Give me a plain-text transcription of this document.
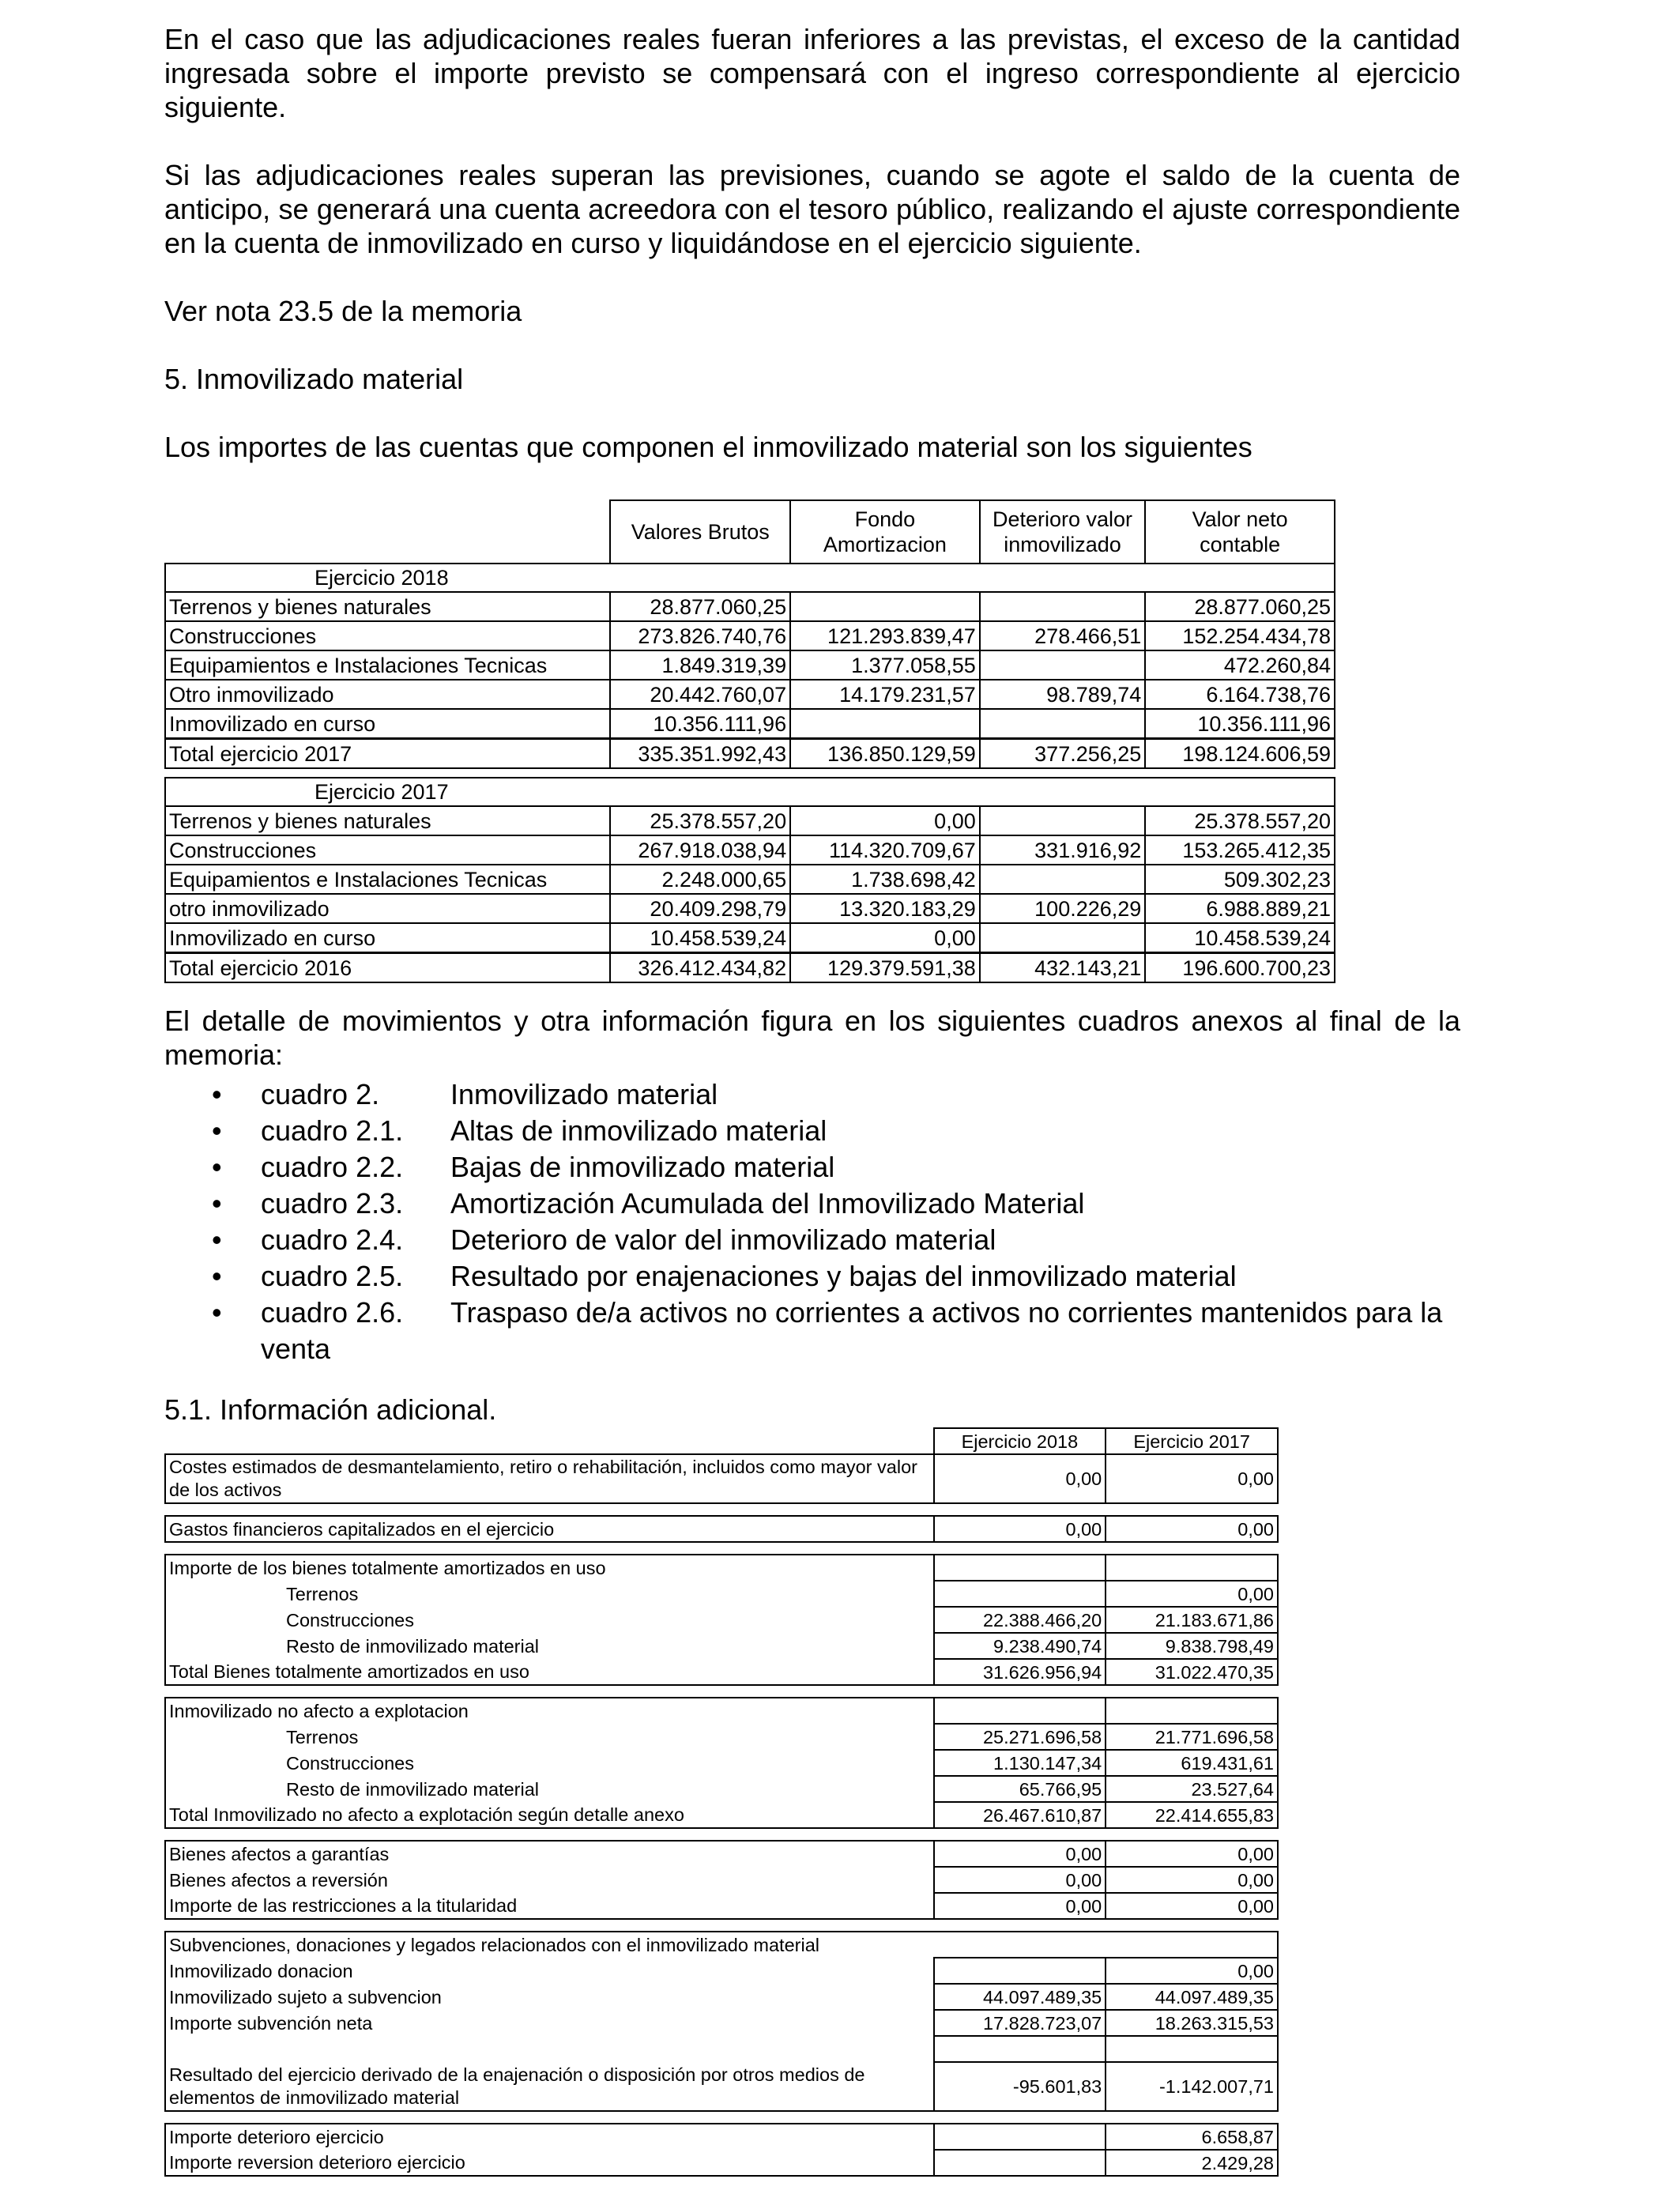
En el caso que las adjudicaciones reales fueran inferiores a las previstas, el exceso de la cantidad ingresada sobre el importe previsto se compensará con el ingreso correspondiente al ejercicio siguiente.

Si las adjudicaciones reales superan las previsiones, cuando se agote el saldo de la cuenta de anticipo, se generará una cuenta acreedora con el tesoro público, realizando el ajuste correspondiente en la cuenta de inmovilizado en curso y liquidándose en el ejercicio siguiente.

Ver nota 23.5 de la memoria

5. Inmovilizado material

Los importes de las cuentas que componen el inmovilizado material son los siguientes

	Valores Brutos	Fondo Amortizacion	Deterioro valor inmovilizado	Valor neto contable
Ejercicio 2018				
Terrenos y bienes naturales	28.877.060,25			28.877.060,25
Construcciones	273.826.740,76	121.293.839,47	278.466,51	152.254.434,78
Equipamientos e Instalaciones Tecnicas	1.849.319,39	1.377.058,55		472.260,84
Otro inmovilizado	20.442.760,07	14.179.231,57	98.789,74	6.164.738,76
Inmovilizado en curso	10.356.111,96			10.356.111,96
Total ejercicio 2017	335.351.992,43	136.850.129,59	377.256,25	198.124.606,59

Ejercicio 2017				
Terrenos y bienes naturales	25.378.557,20	0,00		25.378.557,20
Construcciones	267.918.038,94	114.320.709,67	331.916,92	153.265.412,35
Equipamientos e Instalaciones Tecnicas	2.248.000,65	1.738.698,42		509.302,23
otro inmovilizado	20.409.298,79	13.320.183,29	100.226,29	6.988.889,21
Inmovilizado en curso	10.458.539,24	0,00		10.458.539,24
Total ejercicio 2016	326.412.434,82	129.379.591,38	432.143,21	196.600.700,23

El detalle de movimientos y otra información figura en los siguientes cuadros anexos al final de la memoria:

• cuadro 2. Inmovilizado material
• cuadro 2.1. Altas de inmovilizado material
• cuadro 2.2. Bajas de inmovilizado material
• cuadro 2.3. Amortización Acumulada del Inmovilizado Material
• cuadro 2.4. Deterioro de valor del inmovilizado material
• cuadro 2.5. Resultado por enajenaciones y bajas del inmovilizado material
• cuadro 2.6. Traspaso de/a activos no corrientes a activos no corrientes mantenidos para la venta

5.1. Información adicional.

	Ejercicio 2018	Ejercicio 2017
Costes estimados de desmantelamiento, retiro o rehabilitación, incluidos como mayor valor de los activos	0,00	0,00

Gastos financieros capitalizados en el ejercicio	0,00	0,00

Importe de los bienes totalmente amortizados en uso		
Terrenos		0,00
Construcciones	22.388.466,20	21.183.671,86
Resto de inmovilizado material	9.238.490,74	9.838.798,49
Total Bienes totalmente amortizados en uso	31.626.956,94	31.022.470,35

Inmovilizado no afecto a explotacion		
Terrenos	25.271.696,58	21.771.696,58
Construcciones	1.130.147,34	619.431,61
Resto de inmovilizado material	65.766,95	23.527,64
Total Inmovilizado no afecto a explotación según detalle anexo	26.467.610,87	22.414.655,83

Bienes afectos a garantías	0,00	0,00
Bienes afectos a reversión	0,00	0,00
Importe de las restricciones a la titularidad	0,00	0,00

Subvenciones, donaciones y legados relacionados con el inmovilizado material		
Inmovilizado donacion		0,00
Inmovilizado sujeto a subvencion	44.097.489,35	44.097.489,35
Importe subvención neta	17.828.723,07	18.263.315,53

Resultado del ejercicio derivado de la enajenación o disposición por otros medios de elementos de inmovilizado material	-95.601,83	-1.142.007,71

Importe deterioro ejercicio		6.658,87
Importe reversion deterioro ejercicio		2.429,28
